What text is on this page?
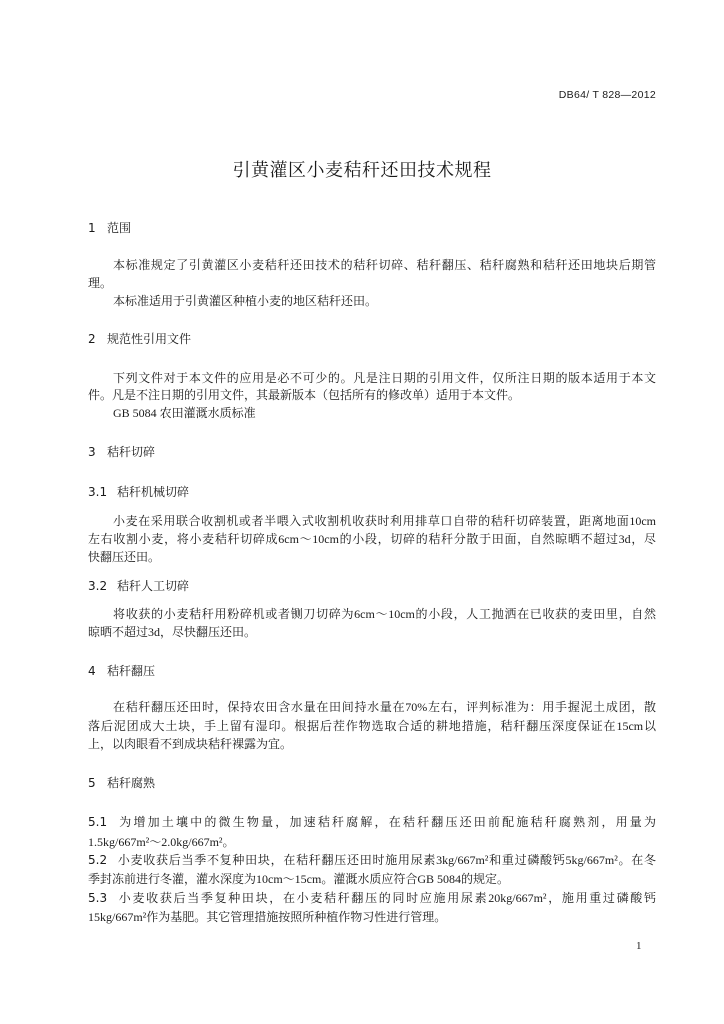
DB64/ T 828—2012
引黄灌区小麦秸秆还田技术规程
1 范围
本标准规定了引黄灌区小麦秸秆还田技术的秸秆切碎、秸秆翻压、秸秆腐熟和秸秆还田地块后期管
理。
本标准适用于引黄灌区种植小麦的地区秸秆还田。
2 规范性引用文件
下列文件对于本文件的应用是必不可少的。凡是注日期的引用文件，仅所注日期的版本适用于本文
件。凡是不注日期的引用文件，其最新版本（包括所有的修改单）适用于本文件。
GB 5084 农田灌溉水质标准
3 秸秆切碎
3.1 秸秆机械切碎
小麦在采用联合收割机或者半喂入式收割机收获时利用排草口自带的秸秆切碎装置，距离地面10cm
左右收割小麦，将小麦秸秆切碎成6cm～10cm的小段，切碎的秸秆分散于田面，自然晾晒不超过3d，尽
快翻压还田。
3.2 秸秆人工切碎
将收获的小麦秸秆用粉碎机或者铡刀切碎为6cm～10cm的小段，人工抛洒在已收获的麦田里，自然
晾晒不超过3d，尽快翻压还田。
4 秸秆翻压
在秸秆翻压还田时，保持农田含水量在田间持水量在70%左右，评判标准为：用手握泥土成团，散
落后泥团成大土块，手上留有湿印。根据后茬作物选取合适的耕地措施，秸秆翻压深度保证在15cm以
上，以肉眼看不到成块秸秆裸露为宜。
5 秸秆腐熟
5.1 为增加土壤中的微生物量，加速秸秆腐解，在秸秆翻压还田前配施秸秆腐熟剂，用量为
1.5kg/667m²～2.0kg/667m²。
5.2 小麦收获后当季不复种田块，在秸秆翻压还田时施用尿素3kg/667m²和重过磷酸钙5kg/667m²。在冬
季封冻前进行冬灌，灌水深度为10cm～15cm。灌溉水质应符合GB 5084的规定。
5.3 小麦收获后当季复种田块，在小麦秸秆翻压的同时应施用尿素20kg/667m²，施用重过磷酸钙
15kg/667m²作为基肥。其它管理措施按照所种植作物习性进行管理。
1
